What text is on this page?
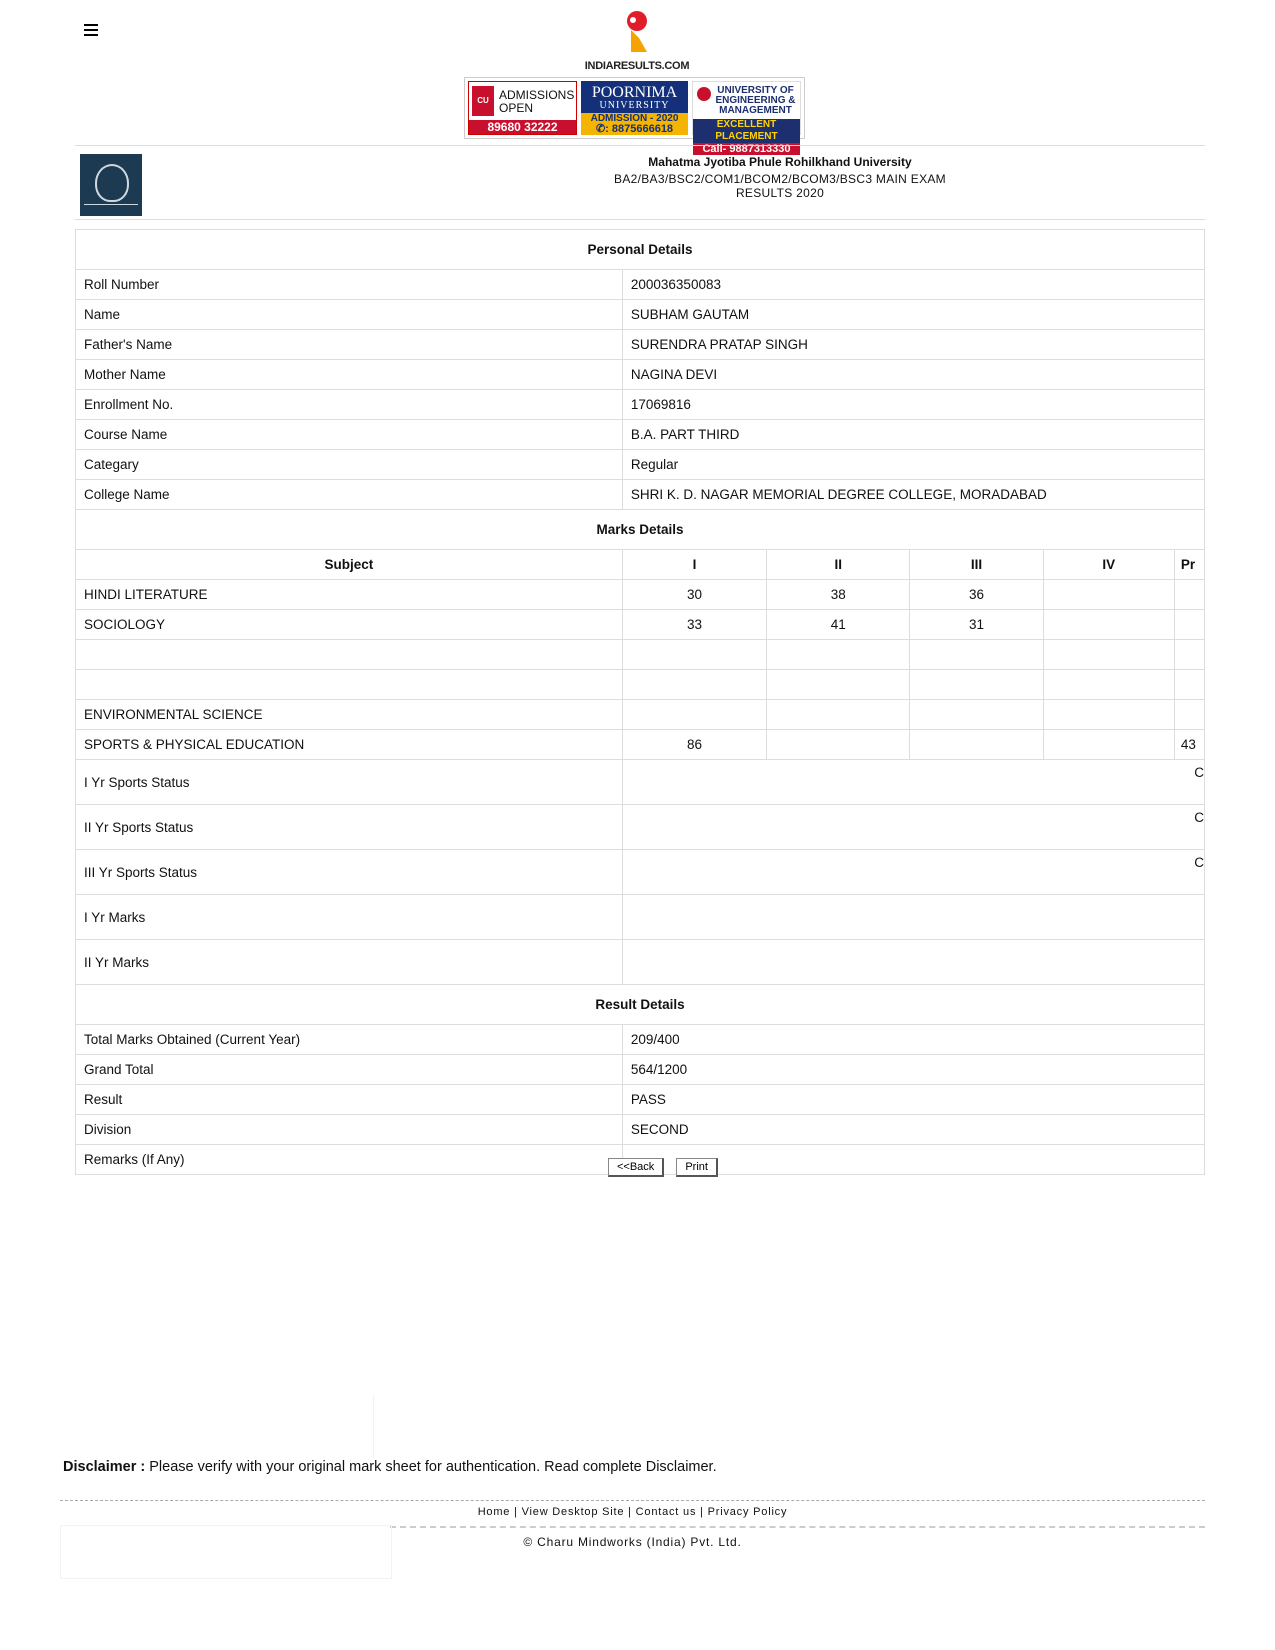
INDIARESULTS.COM
CU ADMISSIONS
OPEN
89680 32222
POORNIMA
UNIVERSITY
ADMISSION - 2020
✆: 8875666618
UNIVERSITY OF
ENGINEERING &
MANAGEMENT
EXCELLENT PLACEMENT
Call- 9887313330
Mahatma Jyotiba Phule Rohilkhand University
BA2/BA3/BSC2/COM1/BCOM2/BCOM3/BSC3 MAIN EXAM RESULTS 2020
Personal Details					
Roll Number	200036350083				
Name	SUBHAM GAUTAM				
Father's Name	SURENDRA PRATAP SINGH				
Mother Name	NAGINA DEVI				
Enrollment No.	17069816				
Course Name	B.A. PART THIRD				
Categary	Regular				
College Name	SHRI K. D. NAGAR MEMORIAL DEGREE COLLEGE, MORADABAD				
Marks Details					
Subject	I	II	III	IV	Pr
HINDI LITERATURE	30	38	36		
SOCIOLOGY	33	41	31		

ENVIRONMENTAL SCIENCE					
SPORTS & PHYSICAL EDUCATION	86				43
I Yr Sports Status	C				
II Yr Sports Status	C				
III Yr Sports Status	C				
I Yr Marks					
II Yr Marks					
Result Details					
Total Marks Obtained (Current Year)	209/400				
Grand Total	564/1200				
Result	PASS				
Division	SECOND				
Remarks (If Any)						<<Back	Print
Disclaimer : Please verify with your original mark sheet for authentication. Read complete Disclaimer.
Home | View Desktop Site | Contact us | Privacy Policy
© Charu Mindworks (India) Pvt. Ltd.
